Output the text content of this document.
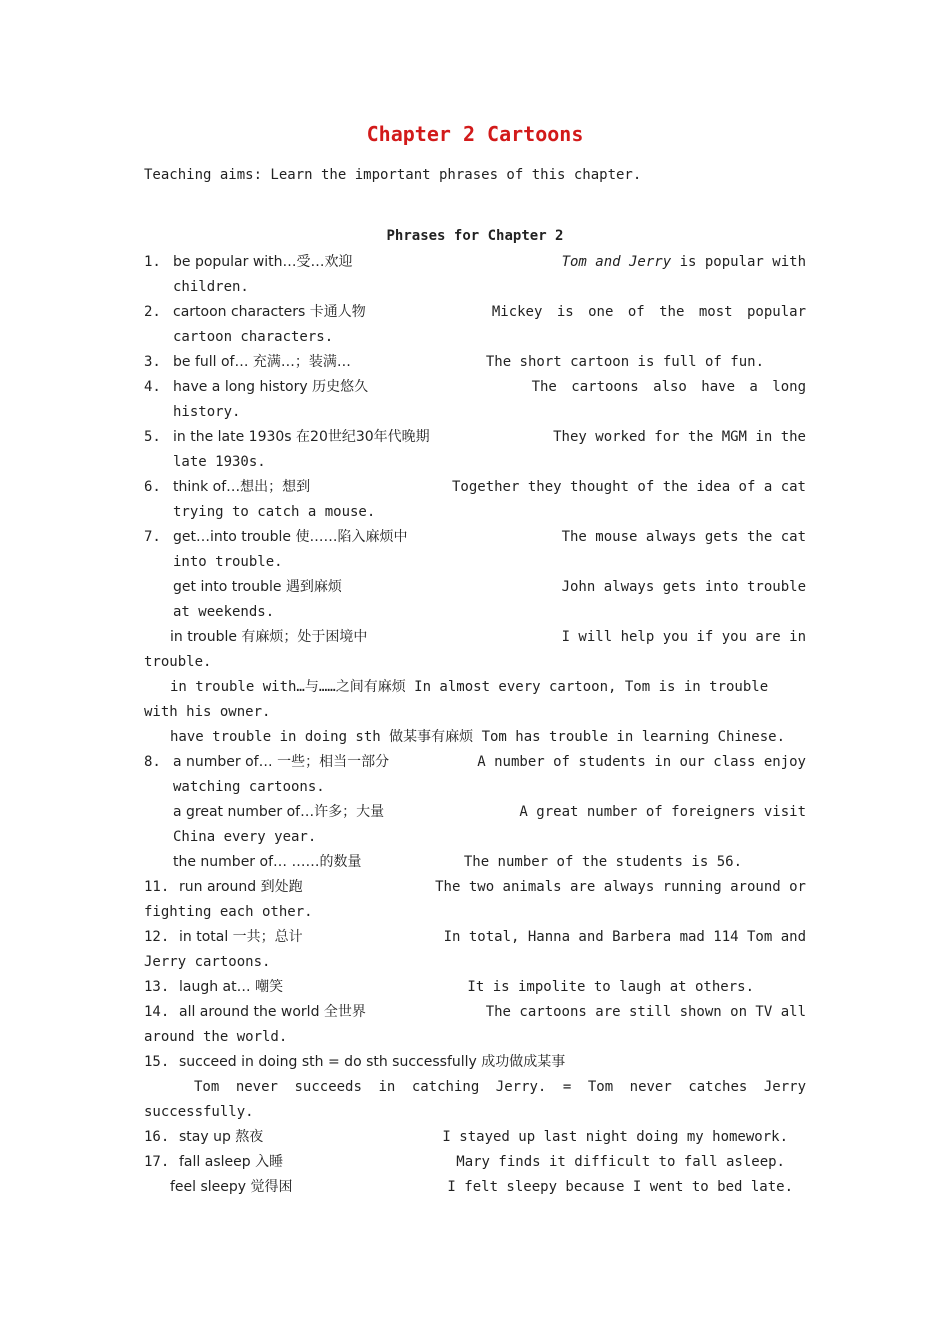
Chapter 2 Cartoons

Teaching aims: Learn the important phrases of this chapter.

Phrases for Chapter 2
1. be popular with…受…欢迎	Tom and Jerry is popular with
children.
2. cartoon characters 卡通人物	Mickey is one of the most popular
cartoon characters.
3. be full of… 充满…；装满…	The short cartoon is full of fun.
4. have a long history 历史悠久	The cartoons also have a long
history.
5. in the late 1930s 在20世纪30年代晚期	They worked for the MGM in the
late 1930s.
6. think of…想出；想到	Together they thought of the idea of a cat
trying to catch a mouse.
7. get…into trouble 使……陷入麻烦中	The mouse always gets the cat
into trouble.
get into trouble 遇到麻烦	John always gets into trouble
at weekends.
in trouble 有麻烦；处于困境中	I will help you if you are in
trouble.
in trouble with…与……之间有麻烦 In almost every cartoon, Tom is in trouble
with his owner.
have trouble in doing sth 做某事有麻烦 Tom has trouble in learning Chinese.
8. a number of… 一些；相当一部分	A number of students in our class enjoy
watching cartoons.
a great number of…许多；大量	A great number of foreigners visit
China every year.
the number of… ……的数量	The number of the students is 56.
11. run around 到处跑	The two animals are always running around or
fighting each other.
12. in total 一共；总计	In total, Hanna and Barbera mad 114 Tom and
Jerry cartoons.
13. laugh at… 嘲笑	It is impolite to laugh at others.
14. all around the world 全世界	The cartoons are still shown on TV all
around the world.
15. succeed in doing sth = do sth successfully 成功做成某事
Tom never succeeds in catching Jerry. = Tom never catches Jerry
successfully.
16. stay up 熬夜	I stayed up last night doing my homework.
17. fall asleep 入睡	Mary finds it difficult to fall asleep.
feel sleepy 觉得困	I felt sleepy because I went to bed late.
